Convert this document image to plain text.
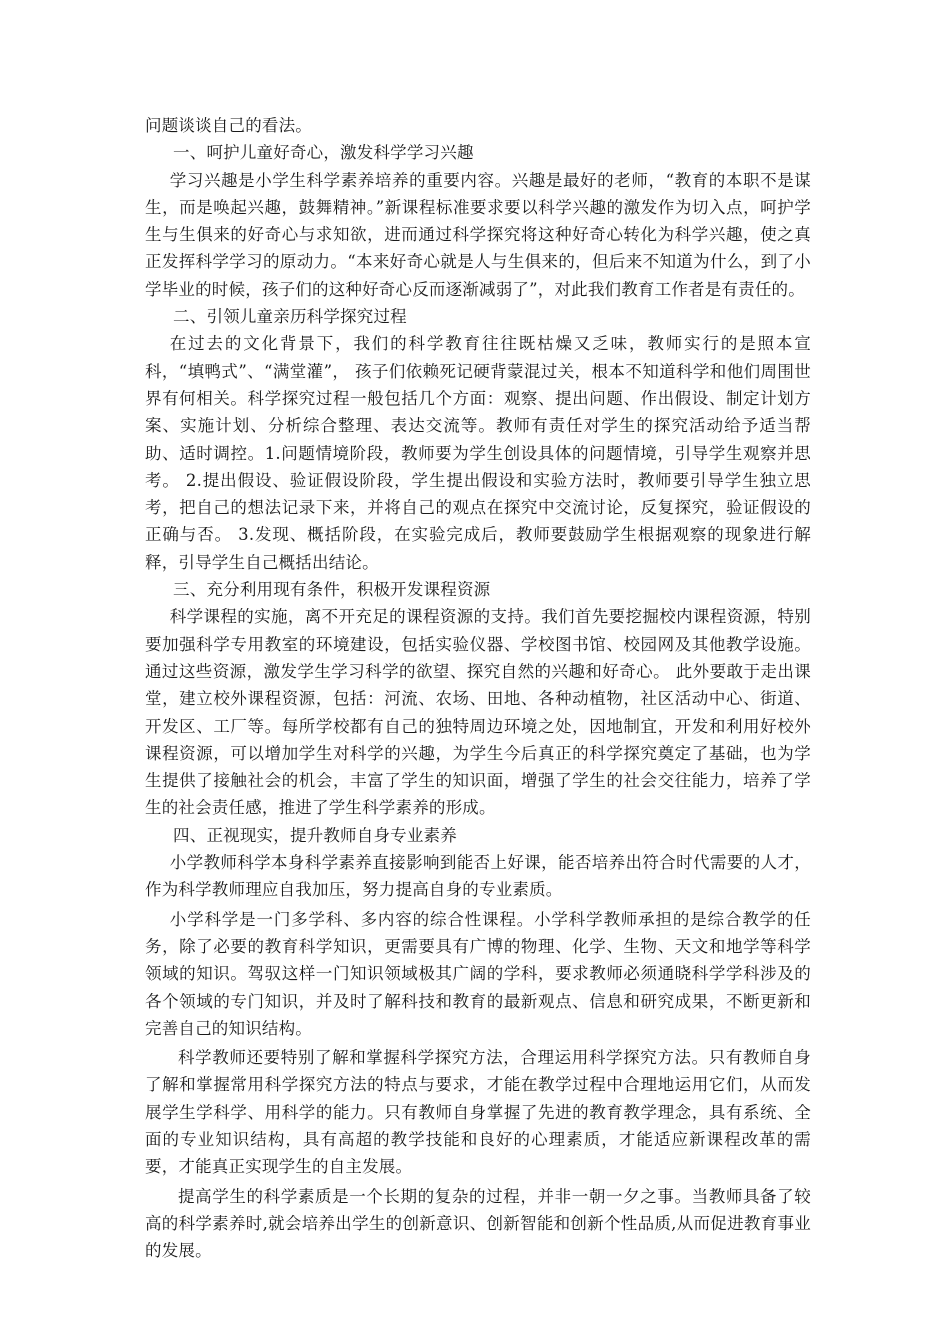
问题谈谈自己的看法。

一、呵护儿童好奇心，激发科学学习兴趣

学习兴趣是小学生科学素养培养的重要内容。兴趣是最好的老师，“教育的本职不是谋生，而是唤起兴趣，鼓舞精神。”新课程标准要求要以科学兴趣的激发作为切入点，呵护学生与生俱来的好奇心与求知欲，进而通过科学探究将这种好奇心转化为科学兴趣，使之真正发挥科学学习的原动力。“本来好奇心就是人与生俱来的，但后来不知道为什么，到了小学毕业的时候，孩子们的这种好奇心反而逐渐减弱了”，对此我们教育工作者是有责任的。

二、引领儿童亲历科学探究过程

在过去的文化背景下，我们的科学教育往往既枯燥又乏味，教师实行的是照本宣科，“填鸭式”、“满堂灌”， 孩子们依赖死记硬背蒙混过关，根本不知道科学和他们周围世界有何相关。科学探究过程一般包括几个方面：观察、提出问题、作出假设、制定计划方案、实施计划、分析综合整理、表达交流等。教师有责任对学生的探究活动给予适当帮助、适时调控。1.问题情境阶段，教师要为学生创设具体的问题情境，引导学生观察并思考。 2.提出假设、验证假设阶段，学生提出假设和实验方法时，教师要引导学生独立思考，把自己的想法记录下来，并将自己的观点在探究中交流讨论，反复探究，验证假设的正确与否。 3.发现、概括阶段，在实验完成后，教师要鼓励学生根据观察的现象进行解释，引导学生自己概括出结论。

三、充分利用现有条件，积极开发课程资源

科学课程的实施，离不开充足的课程资源的支持。我们首先要挖掘校内课程资源，特别要加强科学专用教室的环境建设，包括实验仪器、学校图书馆、校园网及其他教学设施。通过这些资源，激发学生学习科学的欲望、探究自然的兴趣和好奇心。 此外要敢于走出课堂，建立校外课程资源，包括：河流、农场、田地、各种动植物，社区活动中心、街道、开发区、工厂等。每所学校都有自己的独特周边环境之处，因地制宜，开发和利用好校外课程资源，可以增加学生对科学的兴趣，为学生今后真正的科学探究奠定了基础，也为学生提供了接触社会的机会，丰富了学生的知识面，增强了学生的社会交往能力，培养了学生的社会责任感，推进了学生科学素养的形成。

四、正视现实，提升教师自身专业素养

小学教师科学本身科学素养直接影响到能否上好课，能否培养出符合时代需要的人才，作为科学教师理应自我加压，努力提高自身的专业素质。

小学科学是一门多学科、多内容的综合性课程。小学科学教师承担的是综合教学的任务，除了必要的教育科学知识，更需要具有广博的物理、化学、生物、天文和地学等科学领域的知识。驾驭这样一门知识领域极其广阔的学科，要求教师必须通晓科学学科涉及的各个领域的专门知识，并及时了解科技和教育的最新观点、信息和研究成果，不断更新和完善自己的知识结构。

科学教师还要特别了解和掌握科学探究方法，合理运用科学探究方法。只有教师自身了解和掌握常用科学探究方法的特点与要求，才能在教学过程中合理地运用它们，从而发展学生学科学、用科学的能力。只有教师自身掌握了先进的教育教学理念，具有系统、全面的专业知识结构，具有高超的教学技能和良好的心理素质，才能适应新课程改革的需要，才能真正实现学生的自主发展。

提高学生的科学素质是一个长期的复杂的过程，并非一朝一夕之事。当教师具备了较高的科学素养时,就会培养出学生的创新意识、创新智能和创新个性品质,从而促进教育事业的发展。
